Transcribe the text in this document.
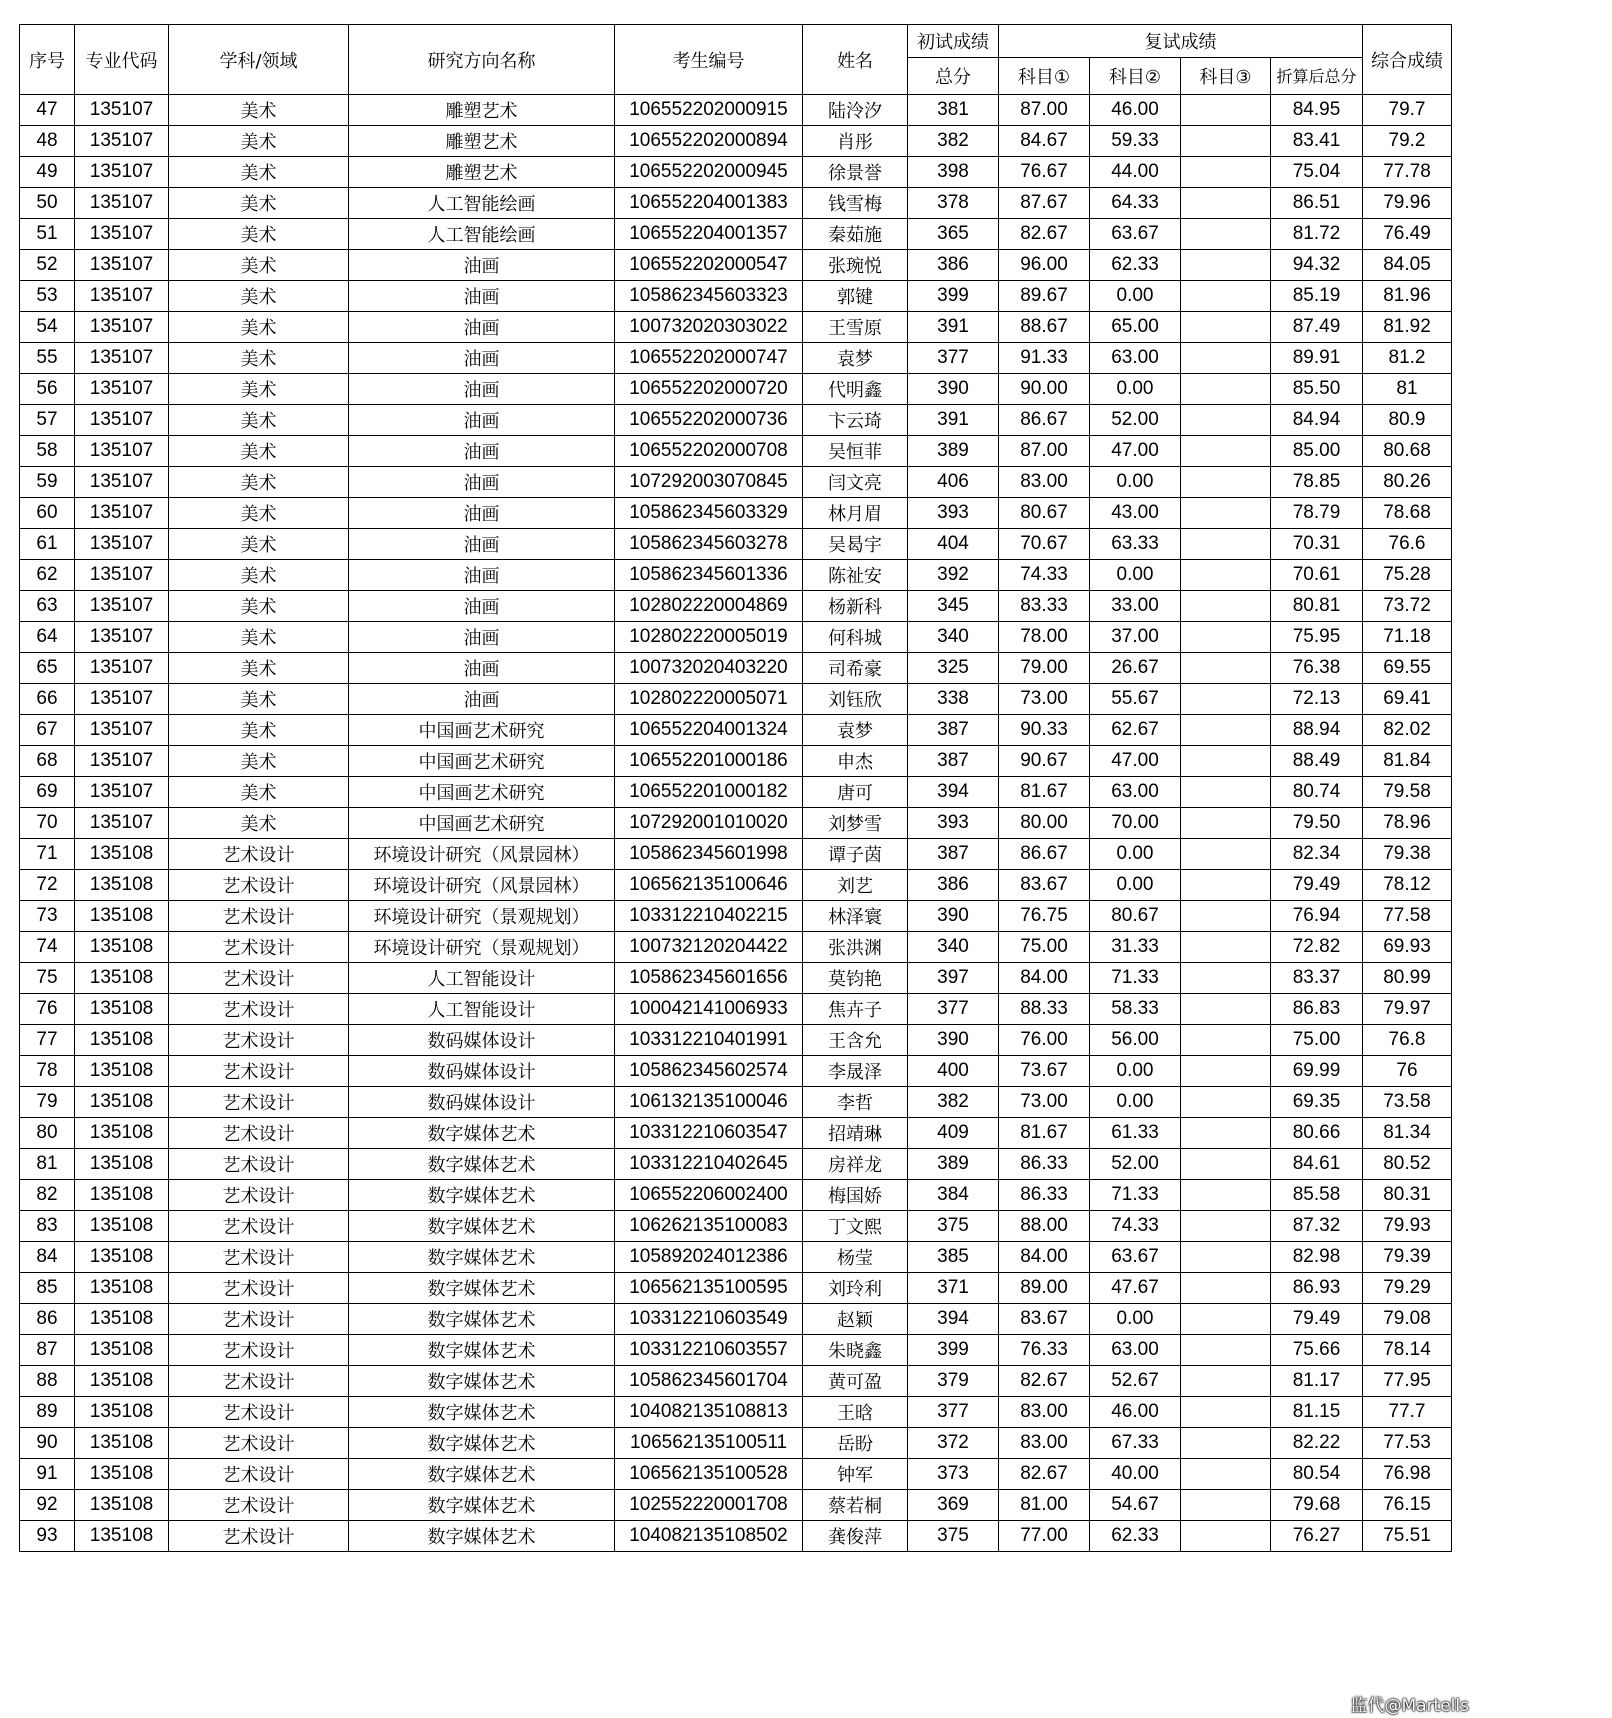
序号	专业代码	学科/领域	研究方向名称	考生编号	姓名	初试成绩	复试成绩				综合成绩
						总分	科目①	科目②	科目③	折算后总分	
47	135107	美术	雕塑艺术	106552202000915	陆泠汐	381	87.00	46.00		84.95	79.7
48	135107	美术	雕塑艺术	106552202000894	肖彤	382	84.67	59.33		83.41	79.2
49	135107	美术	雕塑艺术	106552202000945	徐景誉	398	76.67	44.00		75.04	77.78
50	135107	美术	人工智能绘画	106552204001383	钱雪梅	378	87.67	64.33		86.51	79.96
51	135107	美术	人工智能绘画	106552204001357	秦茹施	365	82.67	63.67		81.72	76.49
52	135107	美术	油画	106552202000547	张琬悦	386	96.00	62.33		94.32	84.05
53	135107	美术	油画	105862345603323	郭键	399	89.67	0.00		85.19	81.96
54	135107	美术	油画	100732020303022	王雪原	391	88.67	65.00		87.49	81.92
55	135107	美术	油画	106552202000747	袁梦	377	91.33	63.00		89.91	81.2
56	135107	美术	油画	106552202000720	代明鑫	390	90.00	0.00		85.50	81
57	135107	美术	油画	106552202000736	卞云琦	391	86.67	52.00		84.94	80.9
58	135107	美术	油画	106552202000708	吴恒菲	389	87.00	47.00		85.00	80.68
59	135107	美术	油画	107292003070845	闫文亮	406	83.00	0.00		78.85	80.26
60	135107	美术	油画	105862345603329	林月眉	393	80.67	43.00		78.79	78.68
61	135107	美术	油画	105862345603278	吴曷宇	404	70.67	63.33		70.31	76.6
62	135107	美术	油画	105862345601336	陈祉安	392	74.33	0.00		70.61	75.28
63	135107	美术	油画	102802220004869	杨新科	345	83.33	33.00		80.81	73.72
64	135107	美术	油画	102802220005019	何科城	340	78.00	37.00		75.95	71.18
65	135107	美术	油画	100732020403220	司希豪	325	79.00	26.67		76.38	69.55
66	135107	美术	油画	102802220005071	刘钰欣	338	73.00	55.67		72.13	69.41
67	135107	美术	中国画艺术研究	106552204001324	袁梦	387	90.33	62.67		88.94	82.02
68	135107	美术	中国画艺术研究	106552201000186	申杰	387	90.67	47.00		88.49	81.84
69	135107	美术	中国画艺术研究	106552201000182	唐可	394	81.67	63.00		80.74	79.58
70	135107	美术	中国画艺术研究	107292001010020	刘梦雪	393	80.00	70.00		79.50	78.96
71	135108	艺术设计	环境设计研究（风景园林）	105862345601998	谭子茵	387	86.67	0.00		82.34	79.38
72	135108	艺术设计	环境设计研究（风景园林）	106562135100646	刘艺	386	83.67	0.00		79.49	78.12
73	135108	艺术设计	环境设计研究（景观规划）	103312210402215	林泽寰	390	76.75	80.67		76.94	77.58
74	135108	艺术设计	环境设计研究（景观规划）	100732120204422	张洪渊	340	75.00	31.33		72.82	69.93
75	135108	艺术设计	人工智能设计	105862345601656	莫钧艳	397	84.00	71.33		83.37	80.99
76	135108	艺术设计	人工智能设计	100042141006933	焦卉子	377	88.33	58.33		86.83	79.97
77	135108	艺术设计	数码媒体设计	103312210401991	王含允	390	76.00	56.00		75.00	76.8
78	135108	艺术设计	数码媒体设计	105862345602574	李晟泽	400	73.67	0.00		69.99	76
79	135108	艺术设计	数码媒体设计	106132135100046	李哲	382	73.00	0.00		69.35	73.58
80	135108	艺术设计	数字媒体艺术	103312210603547	招靖琳	409	81.67	61.33		80.66	81.34
81	135108	艺术设计	数字媒体艺术	103312210402645	房祥龙	389	86.33	52.00		84.61	80.52
82	135108	艺术设计	数字媒体艺术	106552206002400	梅国娇	384	86.33	71.33		85.58	80.31
83	135108	艺术设计	数字媒体艺术	106262135100083	丁文熙	375	88.00	74.33		87.32	79.93
84	135108	艺术设计	数字媒体艺术	105892024012386	杨莹	385	84.00	63.67		82.98	79.39
85	135108	艺术设计	数字媒体艺术	106562135100595	刘玲利	371	89.00	47.67		86.93	79.29
86	135108	艺术设计	数字媒体艺术	103312210603549	赵颖	394	83.67	0.00		79.49	79.08
87	135108	艺术设计	数字媒体艺术	103312210603557	朱晓鑫	399	76.33	63.00		75.66	78.14
88	135108	艺术设计	数字媒体艺术	105862345601704	黄可盈	379	82.67	52.67		81.17	77.95
89	135108	艺术设计	数字媒体艺术	104082135108813	王晗	377	83.00	46.00		81.15	77.7
90	135108	艺术设计	数字媒体艺术	106562135100511	岳盼	372	83.00	67.33		82.22	77.53
91	135108	艺术设计	数字媒体艺术	106562135100528	钟军	373	82.67	40.00		80.54	76.98
92	135108	艺术设计	数字媒体艺术	102552220001708	蔡若桐	369	81.00	54.67		79.68	76.15
93	135108	艺术设计	数字媒体艺术	104082135108502	龚俊萍	375	77.00	62.33		76.27	75.51
监代@Martells
